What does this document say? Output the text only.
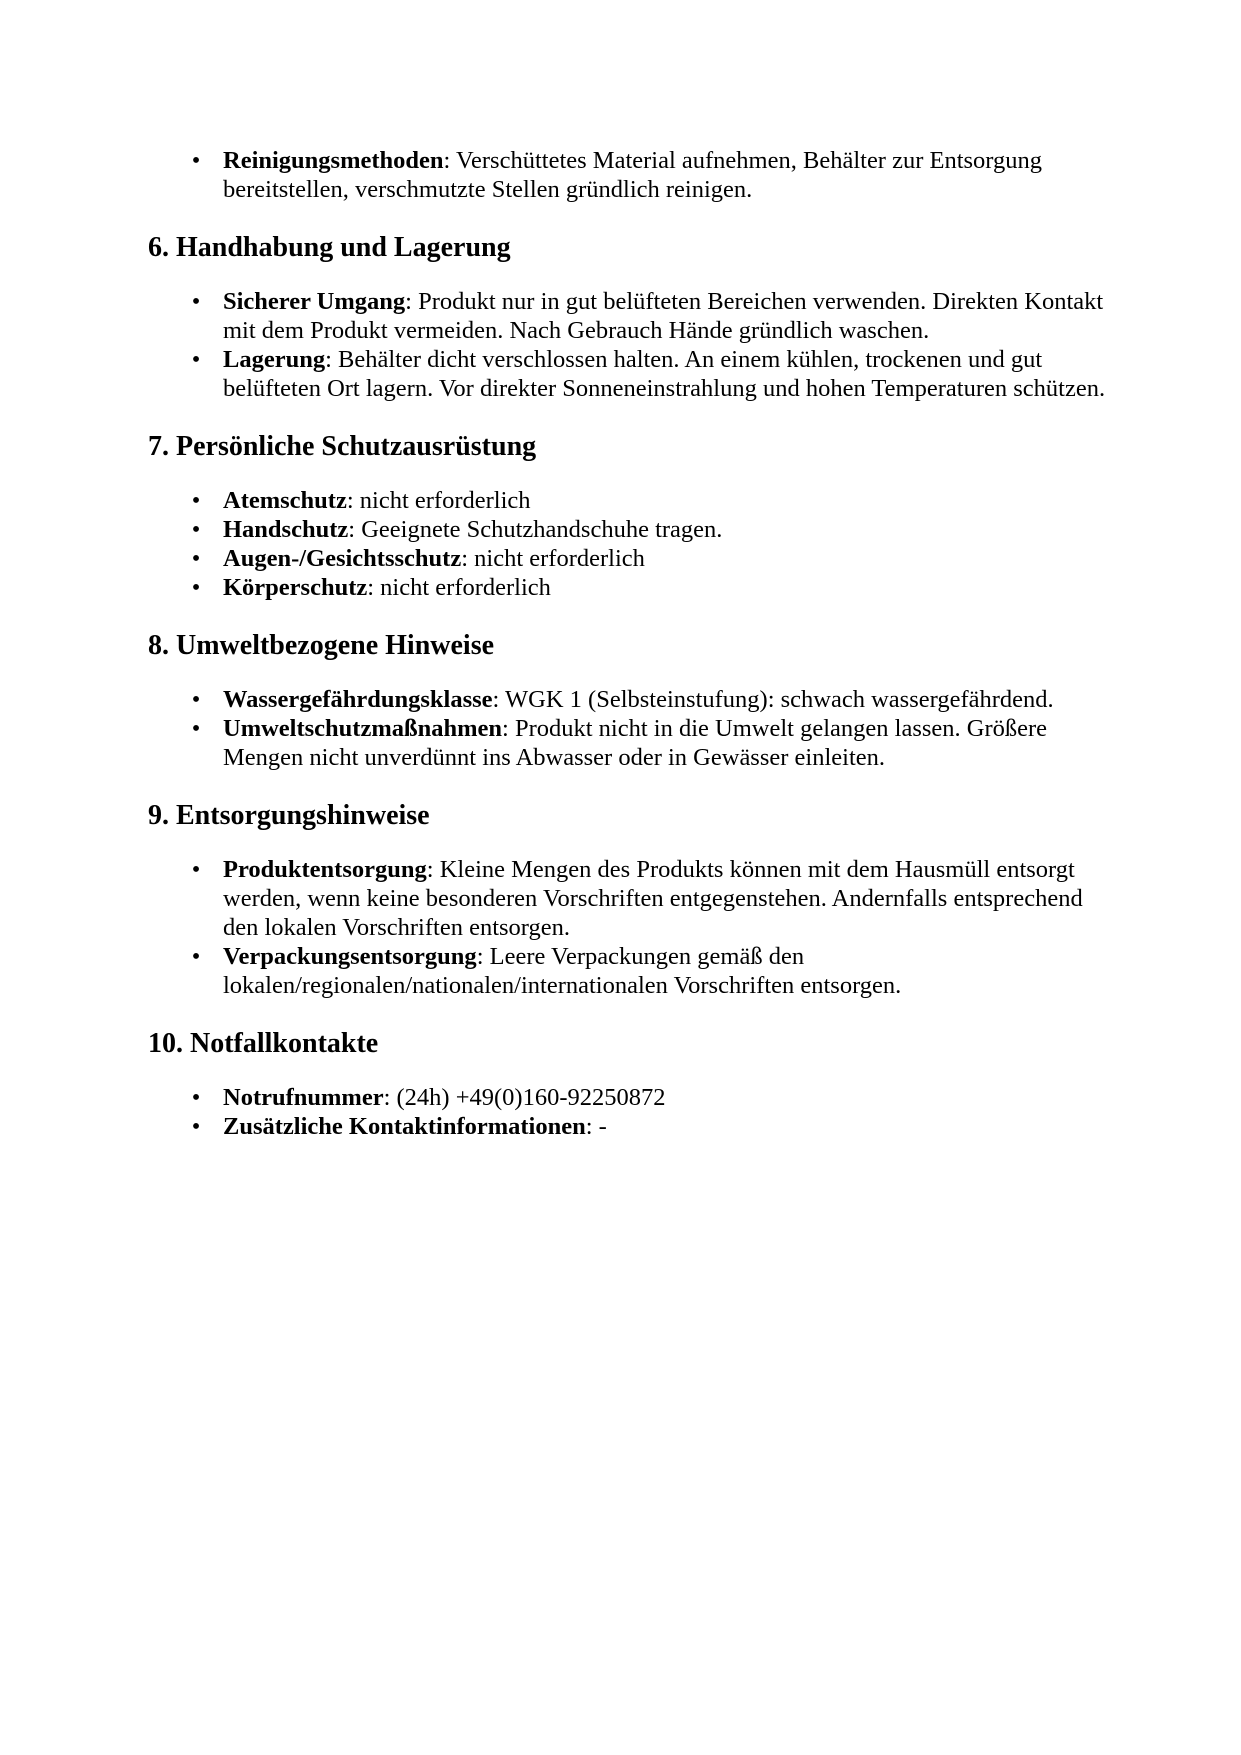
• Reinigungsmethoden: Verschüttetes Material aufnehmen, Behälter zur Entsorgung bereitstellen, verschmutzte Stellen gründlich reinigen.
6. Handhabung und Lagerung
• Sicherer Umgang: Produkt nur in gut belüfteten Bereichen verwenden. Direkten Kontakt mit dem Produkt vermeiden. Nach Gebrauch Hände gründlich waschen.
• Lagerung: Behälter dicht verschlossen halten. An einem kühlen, trockenen und gut belüfteten Ort lagern. Vor direkter Sonneneinstrahlung und hohen Temperaturen schützen.
7. Persönliche Schutzausrüstung
• Atemschutz: nicht erforderlich
• Handschutz: Geeignete Schutzhandschuhe tragen.
• Augen-/Gesichtsschutz: nicht erforderlich
• Körperschutz: nicht erforderlich
8. Umweltbezogene Hinweise
• Wassergefährdungsklasse: WGK 1 (Selbsteinstufung): schwach wassergefährdend.
• Umweltschutzmaßnahmen: Produkt nicht in die Umwelt gelangen lassen. Größere Mengen nicht unverdünnt ins Abwasser oder in Gewässer einleiten.
9. Entsorgungshinweise
• Produktentsorgung: Kleine Mengen des Produkts können mit dem Hausmüll entsorgt werden, wenn keine besonderen Vorschriften entgegenstehen. Andernfalls entsprechend den lokalen Vorschriften entsorgen.
• Verpackungsentsorgung: Leere Verpackungen gemäß den lokalen/regionalen/nationalen/internationalen Vorschriften entsorgen.
10. Notfallkontakte
• Notrufnummer: (24h) +49(0)160-92250872
• Zusätzliche Kontaktinformationen: -
